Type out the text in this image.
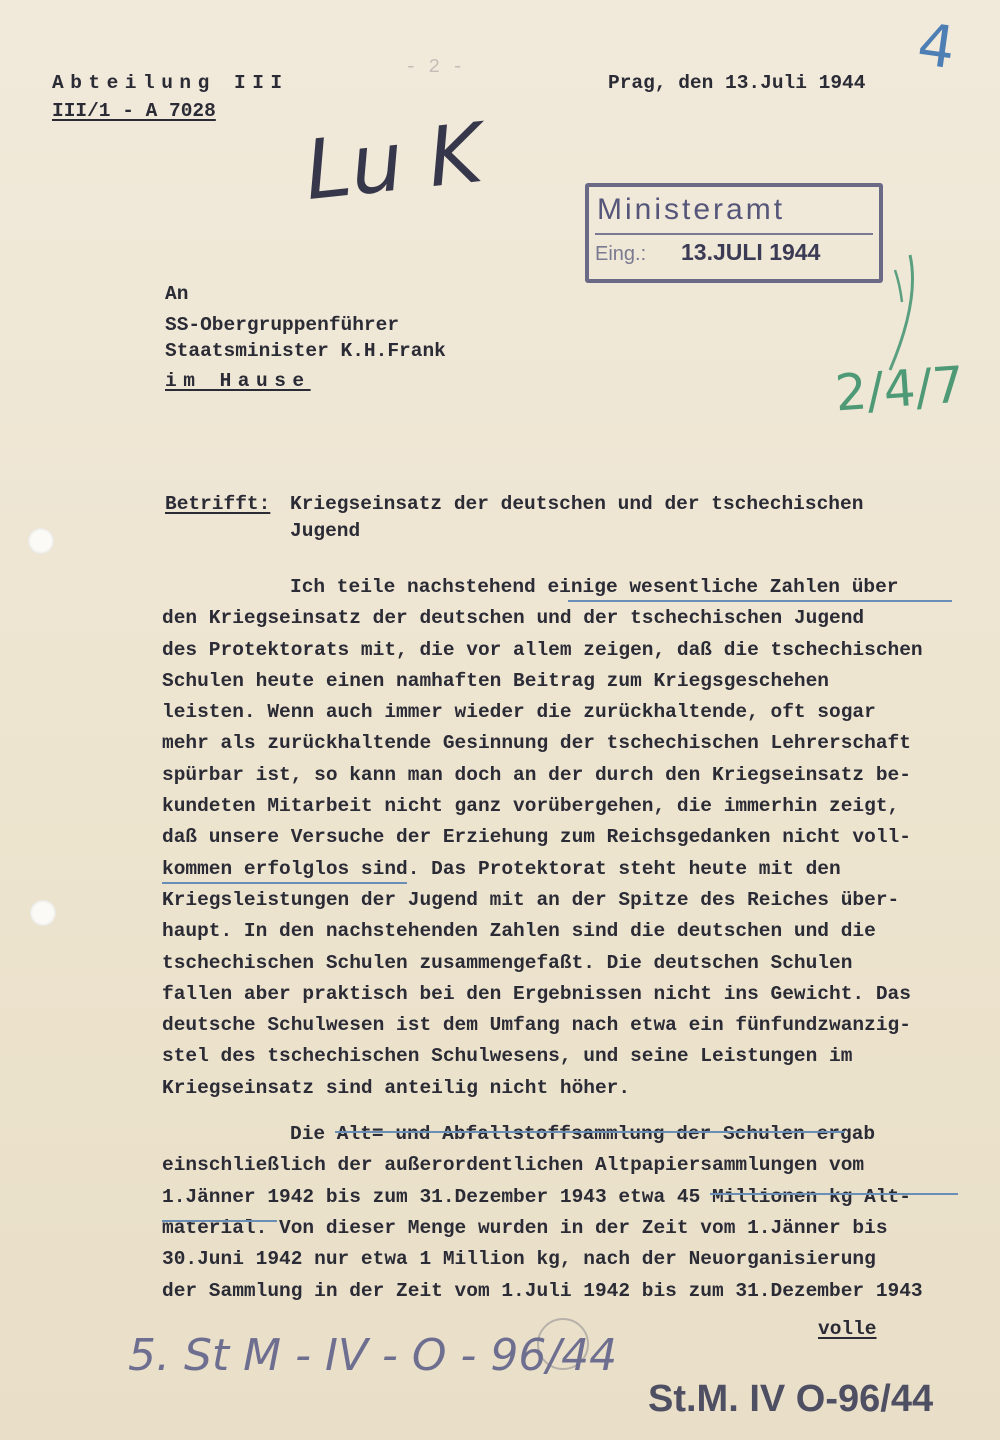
Abteilung III
III/1 - A 7028
Prag, den 13.Juli 1944
- 2 -	4
Lu K	Ministeramt
Eing.: 13.JULI 1944
2/4/7
An
SS-Obergruppenführer
Staatsminister K.H.Frank
im Hause
Betrifft: Kriegseinsatz der deutschen und der tschechischen
Jugend

Ich teile nachstehend einige wesentliche Zahlen über
den Kriegseinsatz der deutschen und der tschechischen Jugend
des Protektorats mit, die vor allem zeigen, daß die tschechischen
Schulen heute einen namhaften Beitrag zum Kriegsgeschehen
leisten. Wenn auch immer wieder die zurückhaltende, oft sogar
mehr als zurückhaltende Gesinnung der tschechischen Lehrerschaft
spürbar ist, so kann man doch an der durch den Kriegseinsatz be-
kundeten Mitarbeit nicht ganz vorübergehen, die immerhin zeigt,
daß unsere Versuche der Erziehung zum Reichsgedanken nicht voll-
kommen erfolglos sind. Das Protektorat steht heute mit den
Kriegsleistungen der Jugend mit an der Spitze des Reiches über-
haupt. In den nachstehenden Zahlen sind die deutschen und die
tschechischen Schulen zusammengefaßt. Die deutschen Schulen
fallen aber praktisch bei den Ergebnissen nicht ins Gewicht. Das
deutsche Schulwesen ist dem Umfang nach etwa ein fünfundzwanzig-
stel des tschechischen Schulwesens, und seine Leistungen im
Kriegseinsatz sind anteilig nicht höher.

Die Alt= und Abfallstoffsammlung der Schulen ergab
einschließlich der außerordentlichen Altpapiersammlungen vom
1.Jänner 1942 bis zum 31.Dezember 1943 etwa 45 Millionen kg Alt-
material. Von dieser Menge wurden in der Zeit vom 1.Jänner bis
30.Juni 1942 nur etwa 1 Million kg, nach der Neuorganisierung
der Sammlung in der Zeit vom 1.Juli 1942 bis zum 31.Dezember 1943

volle
5. St M - IV - O - 96/44
St.M. IV O-96/44
